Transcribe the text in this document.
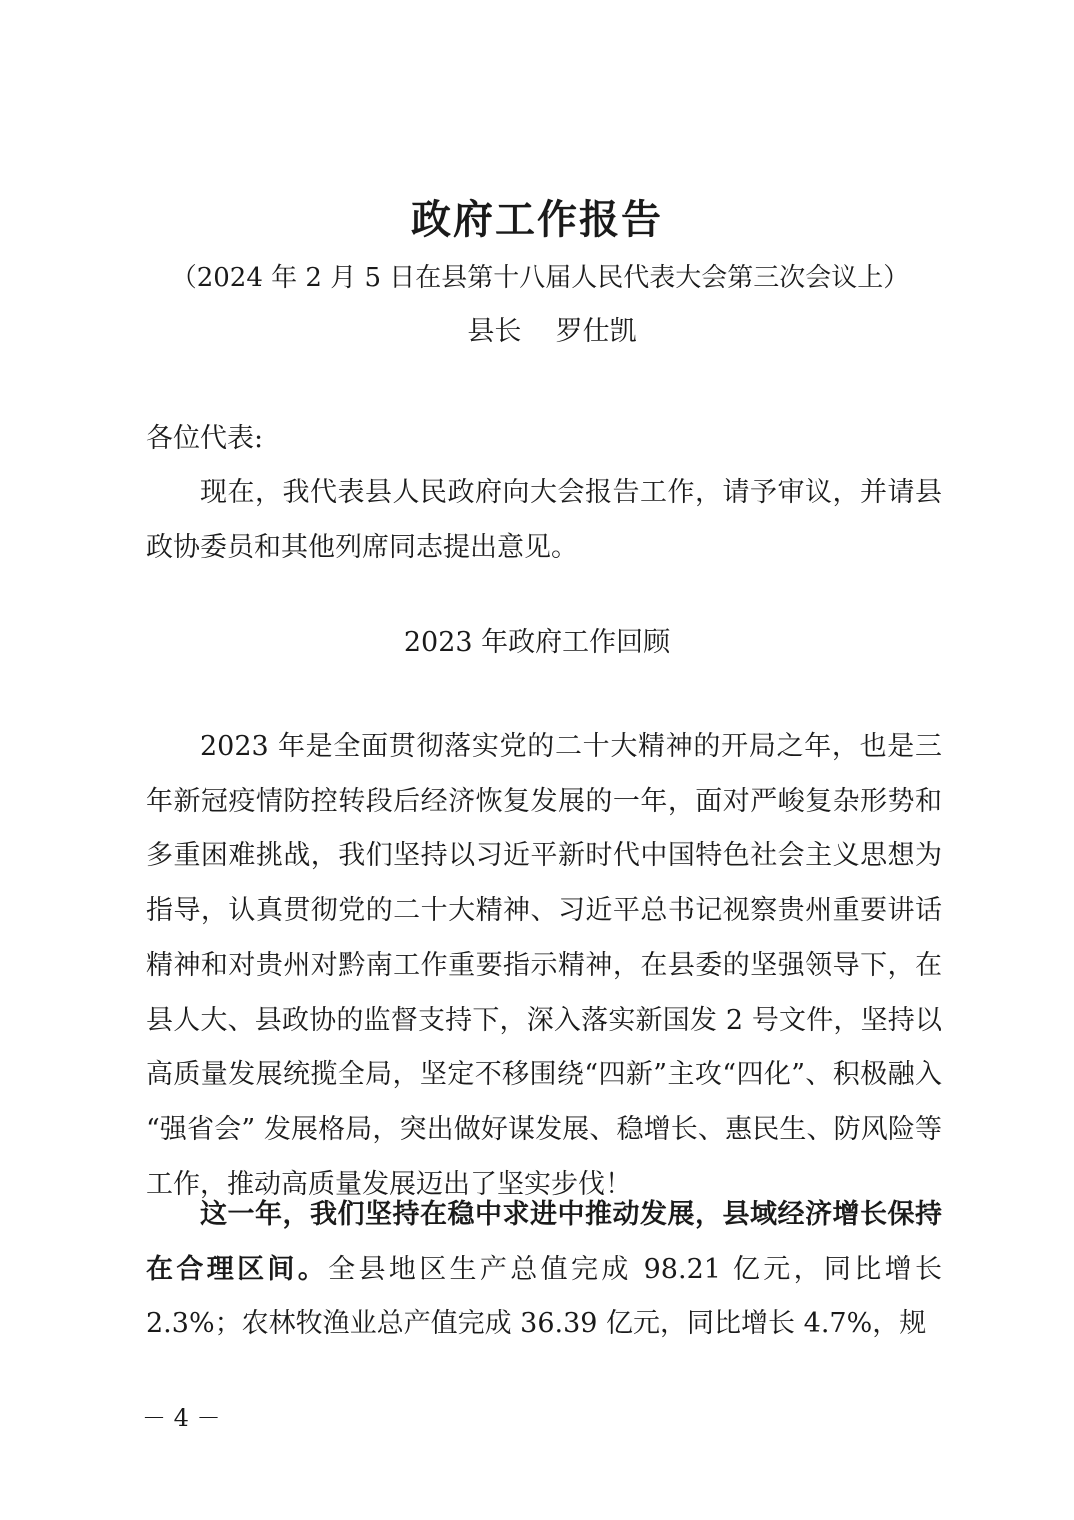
政府工作报告
（2024 年 2 月 5 日在县第十八届人民代表大会第三次会议上）
县长    罗仕凯

各位代表:

现在，我代表县人民政府向大会报告工作，请予审议，并请县政协委员和其他列席同志提出意见。

2023 年政府工作回顾

2023 年是全面贯彻落实党的二十大精神的开局之年，也是三年新冠疫情防控转段后经济恢复发展的一年，面对严峻复杂形势和多重困难挑战，我们坚持以习近平新时代中国特色社会主义思想为指导，认真贯彻党的二十大精神、习近平总书记视察贵州重要讲话精神和对贵州对黔南工作重要指示精神，在县委的坚强领导下，在县人大、县政协的监督支持下，深入落实新国发 2 号文件，坚持以高质量发展统揽全局，坚定不移围绕“四新”主攻“四化”、积极融入 “强省会” 发展格局，突出做好谋发展、稳增长、惠民生、防风险等工作，推动高质量发展迈出了坚实步伐！

这一年，我们坚持在稳中求进中推动发展，县域经济增长保持在合理区间。全县地区生产总值完成 98.21 亿元，同比增长 2.3%；农林牧渔业总产值完成 36.39 亿元，同比增长 4.7%，规

－ 4 －
